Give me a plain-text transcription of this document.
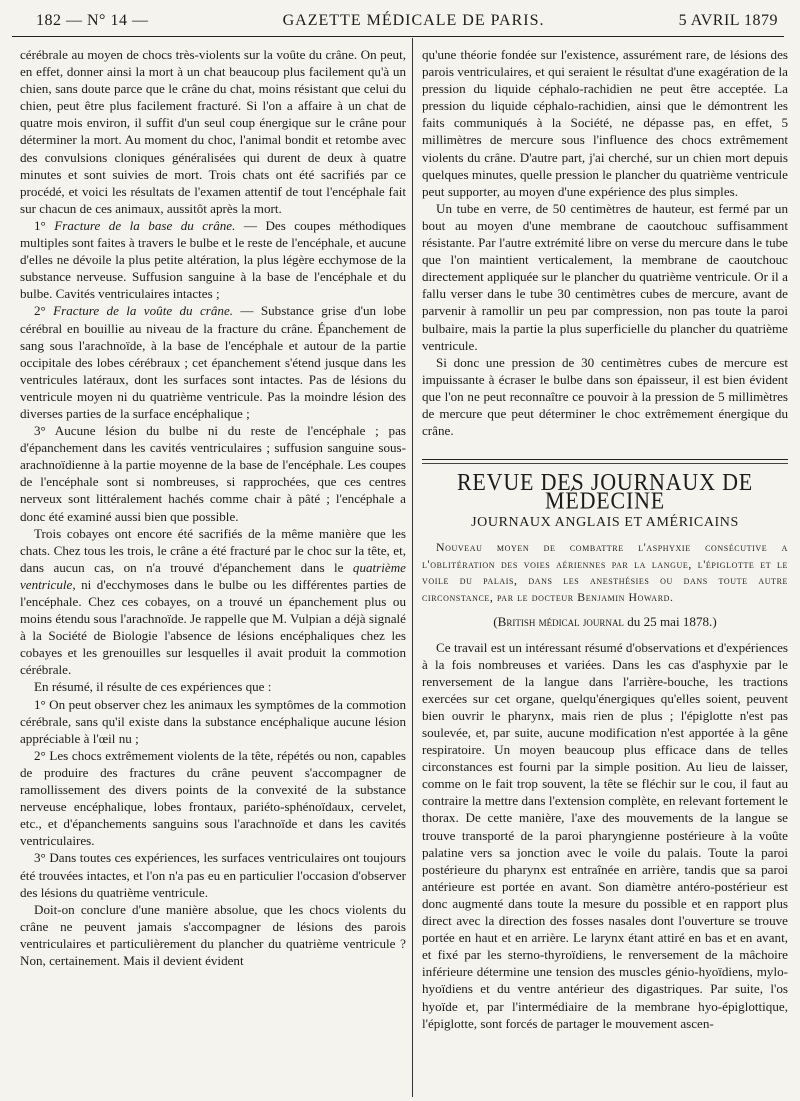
182 — N° 14 —	GAZETTE MÉDICALE DE PARIS.	5 AVRIL 1879

cérébrale au moyen de chocs très-violents sur la voûte du crâne. On peut, en effet, donner ainsi la mort à un chat beaucoup plus facilement qu'à un chien, sans doute parce que le crâne du chat, moins résistant que celui du chien, peut être plus facilement fracturé. Si l'on a affaire à un chat de quatre mois environ, il suffit d'un seul coup énergique sur le crâne pour déterminer la mort. Au moment du choc, l'animal bondit et retombe avec des convulsions cloniques généralisées qui durent de deux à quatre minutes et sont suivies de mort. Trois chats ont été sacrifiés par ce procédé, et voici les résultats de l'examen attentif de tout l'encéphale fait sur chacun de ces animaux, aussitôt après la mort.

1° Fracture de la base du crâne. — Des coupes méthodiques multiples sont faites à travers le bulbe et le reste de l'encéphale, et aucune d'elles ne dévoile la plus petite altération, la plus légère ecchymose de la substance nerveuse. Suffusion sanguine à la base de l'encéphale et du bulbe. Cavités ventriculaires intactes ;

2° Fracture de la voûte du crâne. — Substance grise d'un lobe cérébral en bouillie au niveau de la fracture du crâne. Épanchement de sang sous l'arachnoïde, à la base de l'encéphale et autour de la partie occipitale des lobes cérébraux ; cet épanchement s'étend jusque dans les ventricules latéraux, dont les surfaces sont intactes. Pas de lésions du ventricule moyen ni du quatrième ventricule. Pas la moindre lésion des diverses parties de la surface encéphalique ;

3° Aucune lésion du bulbe ni du reste de l'encéphale ; pas d'épanchement dans les cavités ventriculaires ; suffusion sanguine sous-arachnoïdienne à la partie moyenne de la base de l'encéphale. Les coupes de l'encéphale sont si nombreuses, si rapprochées, que ces centres nerveux sont littéralement hachés comme chair à pâté ; l'encéphale a donc été examiné aussi bien que possible.

Trois cobayes ont encore été sacrifiés de la même manière que les chats. Chez tous les trois, le crâne a été fracturé par le choc sur la tête, et, dans aucun cas, on n'a trouvé d'épanchement dans le quatrième ventricule, ni d'ecchymoses dans le bulbe ou les différentes parties de l'encéphale. Chez ces cobayes, on a trouvé un épanchement plus ou moins étendu sous l'arachnoïde. Je rappelle que M. Vulpian a déjà signalé à la Société de Biologie l'absence de lésions encéphaliques chez les cobayes et les grenouilles sur lesquelles il avait produit la commotion cérébrale.

En résumé, il résulte de ces expériences que :

1° On peut observer chez les animaux les symptômes de la commotion cérébrale, sans qu'il existe dans la substance encéphalique aucune lésion appréciable à l'œil nu ;

2° Les chocs extrêmement violents de la tête, répétés ou non, capables de produire des fractures du crâne peuvent s'accompagner de ramollissement des divers points de la convexité de la substance nerveuse encéphalique, lobes frontaux, pariéto-sphénoïdaux, cervelet, etc., et d'épanchements sanguins sous l'arachnoïde et dans les cavités ventriculaires.

3° Dans toutes ces expériences, les surfaces ventriculaires ont toujours été trouvées intactes, et l'on n'a pas eu en particulier l'occasion d'observer des lésions du quatrième ventricule.

Doit-on conclure d'une manière absolue, que les chocs violents du crâne ne peuvent jamais s'accompagner de lésions des parois ventriculaires et particulièrement du plancher du quatrième ventricule ? Non, certainement. Mais il devient évident

qu'une théorie fondée sur l'existence, assurément rare, de lésions des parois ventriculaires, et qui seraient le résultat d'une exagération de la pression du liquide céphalo-rachidien ne peut être acceptée. La pression du liquide céphalo-rachidien, ainsi que le démontrent les faits communiqués à la Société, ne dépasse pas, en effet, 5 millimètres de mercure sous l'influence des chocs extrêmement violents du crâne. D'autre part, j'ai cherché, sur un chien mort depuis quelques minutes, quelle pression le plancher du quatrième ventricule peut supporter, au moyen d'une expérience des plus simples.

Un tube en verre, de 50 centimètres de hauteur, est fermé par un bout au moyen d'une membrane de caoutchouc suffisamment résistante. Par l'autre extrémité libre on verse du mercure dans le tube que l'on maintient verticalement, la membrane de caoutchouc directement appliquée sur le plancher du quatrième ventricule. Or il a fallu verser dans le tube 30 centimètres cubes de mercure, avant de parvenir à ramollir un peu par compression, non pas toute la paroi bulbaire, mais la partie la plus superficielle du plancher du quatrième ventricule.

Si donc une pression de 30 centimètres cubes de mercure est impuissante à écraser le bulbe dans son épaisseur, il est bien évident que l'on ne peut reconnaître ce pouvoir à la pression de 5 millimètres de mercure que peut déterminer le choc extrêmement énergique du crâne.

REVUE DES JOURNAUX DE MÉDECINE
JOURNAUX ANGLAIS ET AMÉRICAINS

Nouveau moyen de combattre l'asphyxie consécutive a l'oblitération des voies aériennes par la langue, l'épiglotte et le voile du palais, dans les anesthésies ou dans toute autre circonstance, par le docteur Benjamin Howard.

(British médical journal du 25 mai 1878.)

Ce travail est un intéressant résumé d'observations et d'expériences à la fois nombreuses et variées. Dans les cas d'asphyxie par le renversement de la langue dans l'arrière-bouche, les tractions exercées sur cet organe, quelqu'énergiques qu'elles soient, peuvent bien ouvrir le pharynx, mais rien de plus ; l'épiglotte n'est pas soulevée, et, par suite, aucune modification n'est apportée à la gêne respiratoire. Un moyen beaucoup plus efficace dans de telles circonstances est fourni par la simple position. Au lieu de laisser, comme on le fait trop souvent, la tête se fléchir sur le cou, il faut au contraire la mettre dans l'extension complète, en relevant fortement le thorax. De cette manière, l'axe des mouvements de la langue se trouve transporté de la paroi pharyngienne postérieure à la voûte palatine vers sa jonction avec le voile du palais. Toute la paroi postérieure du pharynx est entraînée en arrière, tandis que sa paroi antérieure est portée en avant. Son diamètre antéro-postérieur est donc augmenté dans toute la mesure du possible et en rapport plus direct avec la direction des fosses nasales dont l'ouverture se trouve portée en haut et en arrière. Le larynx étant attiré en bas et en avant, et fixé par les sterno-thyroïdiens, le renversement de la mâchoire inférieure détermine une tension des muscles génio-hyoïdiens, mylo-hyoïdiens et du ventre antérieur des digastriques. Par suite, l'os hyoïde et, par l'intermédiaire de la membrane hyo-épiglottique, l'épiglotte, sont forcés de partager le mouvement ascen-
